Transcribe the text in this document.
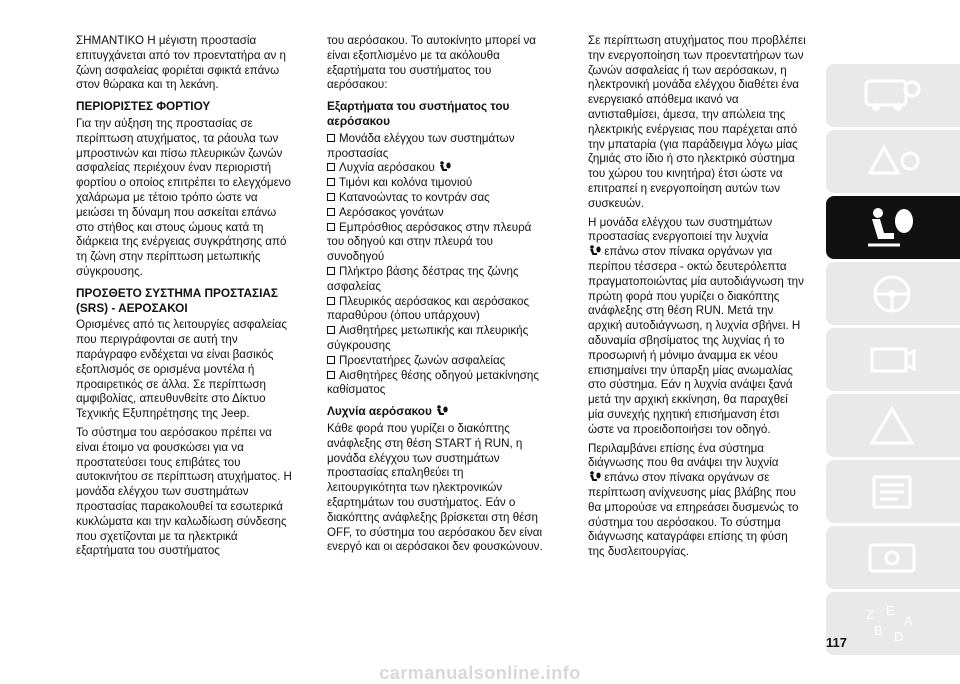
ΣΗΜΑΝΤΙΚΟ Η μέγιστη προστασία επιτυγχάνεται από τον προεντατήρα αν η ζώνη ασφαλείας φοριέται σφικτά επάνω στον θώρακα και τη λεκάνη.

ΠΕΡΙΟΡΙΣΤΕΣ ΦΟΡΤΙΟΥ

Για την αύξηση της προστασίας σε περίπτωση ατυχήματος, τα ράουλα των μπροστινών και πίσω πλευρικών ζωνών ασφαλείας περιέχουν έναν περιοριστή φορτίου ο οποίος επιτρέπει το ελεγχόμενο χαλάρωμα με τέτοιο τρόπο ώστε να μειώσει τη δύναμη που ασκείται επάνω στο στήθος και στους ώμους κατά τη διάρκεια της ενέργειας συγκράτησης από τη ζώνη στην περίπτωση μετωπικής σύγκρουσης.

ΠΡΟΣΘΕΤΟ ΣΥΣΤΗΜΑ ΠΡΟΣΤΑΣΙΑΣ (SRS) - ΑΕΡΟΣΑΚΟΙ

Ορισμένες από τις λειτουργίες ασφαλείας που περιγράφονται σε αυτή την παράγραφο ενδέχεται να είναι βασικός εξοπλισμός σε ορισμένα μοντέλα ή προαιρετικός σε άλλα. Σε περίπτωση αμφιβολίας, απευθυνθείτε στο Δίκτυο Τεχνικής Εξυπηρέτησης της Jeep.

Το σύστημα του αερόσακου πρέπει να είναι έτοιμο να φουσκώσει για να προστατεύσει τους επιβάτες του αυτοκινήτου σε περίπτωση ατυχήματος. Η μονάδα ελέγχου των συστημάτων προστασίας παρακολουθεί τα εσωτερικά κυκλώματα και την καλωδίωση σύνδεσης που σχετίζονται με τα ηλεκτρικά εξαρτήματα του συστήματος

του αερόσακου. Το αυτοκίνητο μπορεί να είναι εξοπλισμένο με τα ακόλουθα εξαρτήματα του συστήματος του αερόσακου:

Εξαρτήματα του συστήματος του αερόσακου
Μονάδα ελέγχου των συστημάτων προστασίας
Λυχνία αερόσακου
Τιμόνι και κολόνα τιμονιού
Κατανοώντας το κοντράν σας
Αερόσακος γονάτων
Εμπρόσθιος αερόσακος στην πλευρά του οδηγού και στην πλευρά του συνοδηγού
Πλήκτρο βάσης δέστρας της ζώνης ασφαλείας
Πλευρικός αερόσακος και αερόσακος παραθύρου (όπου υπάρχουν)
Αισθητήρες μετωπικής και πλευρικής σύγκρουσης
Προεντατήρες ζωνών ασφαλείας
Αισθητήρες θέσης οδηγού μετακίνησης καθίσματος
Λυχνία αερόσακου

Κάθε φορά που γυρίζει ο διακόπτης ανάφλεξης στη θέση START ή RUN, η μονάδα ελέγχου των συστημάτων προστασίας επαληθεύει τη λειτουργικότητα των ηλεκτρονικών εξαρτημάτων του συστήματος. Εάν ο διακόπτης ανάφλεξης βρίσκεται στη θέση OFF, το σύστημα του αερόσακου δεν είναι ενεργό και οι αερόσακοι δεν φουσκώνουν.

Σε περίπτωση ατυχήματος που προβλέπει την ενεργοποίηση των προεντατήρων των ζωνών ασφαλείας ή των αερόσακων, η ηλεκτρονική μονάδα ελέγχου διαθέτει ένα ενεργειακό απόθεμα ικανό να αντισταθμίσει, άμεσα, την απώλεια της ηλεκτρικής ενέργειας που παρέχεται από την μπαταρία (για παράδειγμα λόγω μίας ζημιάς στο ίδιο ή στο ηλεκτρικό σύστημα του χώρου του κινητήρα) έτσι ώστε να επιτραπεί η ενεργοποίηση αυτών των συσκευών.

Η μονάδα ελέγχου των συστημάτων προστασίας ενεργοποιεί την λυχνία
επάνω στον πίνακα οργάνων για περίπου τέσσερα - οκτώ δευτερόλεπτα πραγματοποιώντας μία αυτοδιάγνωση την πρώτη φορά που γυρίζει ο διακόπτης ανάφλεξης στη θέση RUN. Μετά την αρχική αυτοδιάγνωση, η λυχνία σβήνει. Η αδυναμία σβησίματος της λυχνίας ή το προσωρινή ή μόνιμο άναμμα εκ νέου επισημαίνει την ύπαρξη μίας ανωμαλίας στο σύστημα. Εάν η λυχνία ανάψει ξανά μετά την αρχική εκκίνηση, θα παραχθεί μία συνεχής ηχητική επισήμανση έτσι ώστε να προειδοποιήσει τον οδηγό.

Περιλαμβάνει επίσης ένα σύστημα διάγνωσης που θα ανάψει την λυχνία
επάνω στον πίνακα οργάνων σε περίπτωση ανίχνευσης μίας βλάβης που θα μπορούσε να επηρεάσει δυσμενώς το σύστημα του αερόσακου. Το σύστημα διάγνωσης καταγράφει επίσης τη φύση της δυσλειτουργίας.

Z E
B D
A
117
carmanualsonline.info
